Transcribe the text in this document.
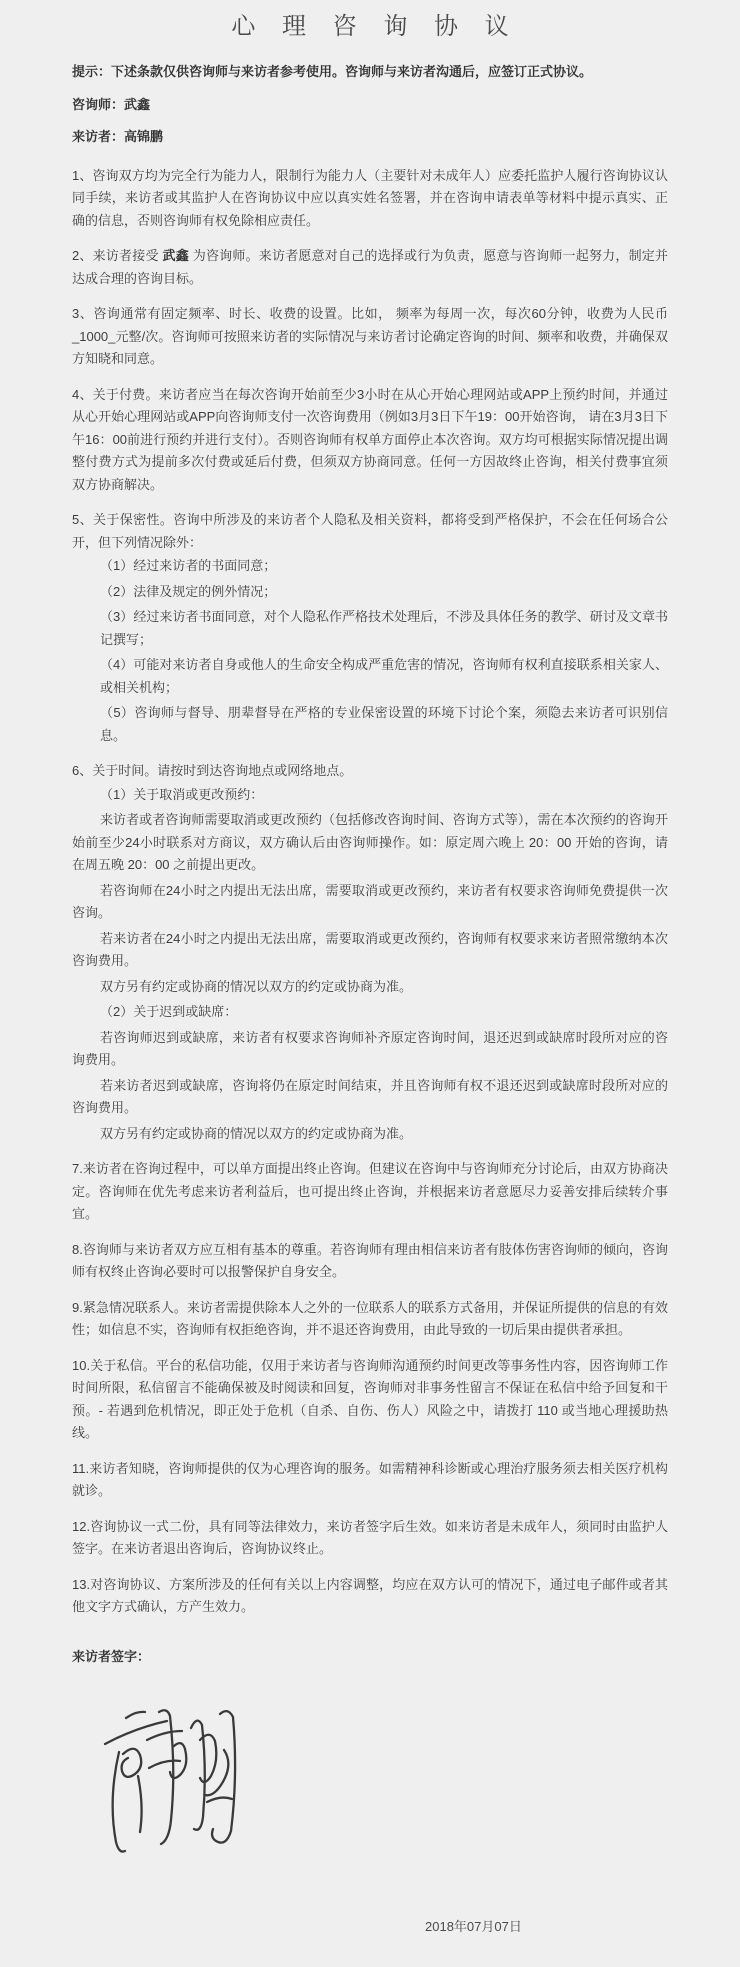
心 理 咨 询 协 议

提示：下述条款仅供咨询师与来访者参考使用。咨询师与来访者沟通后，应签订正式协议。

咨询师：武鑫

来访者：高锦鹏

1、咨询双方均为完全行为能力人，限制行为能力人（主要针对未成年人）应委托监护人履行咨询协议认同手续，来访者或其监护人在咨询协议中应以真实姓名签署，并在咨询申请表单等材料中提示真实、正确的信息，否则咨询师有权免除相应责任。

2、来访者接受 武鑫 为咨询师。来访者愿意对自己的选择或行为负责，愿意与咨询师一起努力，制定并达成合理的咨询目标。

3、咨询通常有固定频率、时长、收费的设置。比如， 频率为每周一次，每次60分钟，收费为人民币_1000_元整/次。咨询师可按照来访者的实际情况与来访者讨论确定咨询的时间、频率和收费，并确保双方知晓和同意。

4、关于付费。来访者应当在每次咨询开始前至少3小时在从心开始心理网站或APP上预约时间，并通过从心开始心理网站或APP向咨询师支付一次咨询费用（例如3月3日下午19：00开始咨询， 请在3月3日下午16：00前进行预约并进行支付）。否则咨询师有权单方面停止本次咨询。双方均可根据实际情况提出调整付费方式为提前多次付费或延后付费，但须双方协商同意。任何一方因故终止咨询，相关付费事宜须双方协商解决。

5、关于保密性。咨询中所涉及的来访者个人隐私及相关资料，都将受到严格保护，不会在任何场合公开，但下列情况除外：

（1）经过来访者的书面同意；

（2）法律及规定的例外情况；

（3）经过来访者书面同意，对个人隐私作严格技术处理后，不涉及具体任务的教学、研讨及文章书记撰写；

（4）可能对来访者自身或他人的生命安全构成严重危害的情况，咨询师有权利直接联系相关家人、或相关机构；

（5）咨询师与督导、朋辈督导在严格的专业保密设置的环境下讨论个案，须隐去来访者可识别信息。

6、关于时间。请按时到达咨询地点或网络地点。

（1）关于取消或更改预约：

来访者或者咨询师需要取消或更改预约（包括修改咨询时间、咨询方式等），需在本次预约的咨询开始前至少24小时联系对方商议，双方确认后由咨询师操作。如：原定周六晚上 20：00 开始的咨询，请在周五晚 20：00 之前提出更改。

若咨询师在24小时之内提出无法出席，需要取消或更改预约，来访者有权要求咨询师免费提供一次咨询。

若来访者在24小时之内提出无法出席，需要取消或更改预约，咨询师有权要求来访者照常缴纳本次咨询费用。

双方另有约定或协商的情况以双方的约定或协商为准。

（2）关于迟到或缺席：

若咨询师迟到或缺席，来访者有权要求咨询师补齐原定咨询时间，退还迟到或缺席时段所对应的咨询费用。

若来访者迟到或缺席，咨询将仍在原定时间结束，并且咨询师有权不退还迟到或缺席时段所对应的咨询费用。

双方另有约定或协商的情况以双方的约定或协商为准。

7.来访者在咨询过程中，可以单方面提出终止咨询。但建议在咨询中与咨询师充分讨论后，由双方协商决定。咨询师在优先考虑来访者利益后，也可提出终止咨询，并根据来访者意愿尽力妥善安排后续转介事宜。

8.咨询师与来访者双方应互相有基本的尊重。若咨询师有理由相信来访者有肢体伤害咨询师的倾向，咨询师有权终止咨询必要时可以报警保护自身安全。

9.紧急情况联系人。来访者需提供除本人之外的一位联系人的联系方式备用，并保证所提供的信息的有效性；如信息不实，咨询师有权拒绝咨询，并不退还咨询费用，由此导致的一切后果由提供者承担。

10.关于私信。平台的私信功能，仅用于来访者与咨询师沟通预约时间更改等事务性内容，因咨询师工作时间所限，私信留言不能确保被及时阅读和回复，咨询师对非事务性留言不保证在私信中给予回复和干预。- 若遇到危机情况，即正处于危机（自杀、自伤、伤人）风险之中，请拨打 110 或当地心理援助热线。

11.来访者知晓，咨询师提供的仅为心理咨询的服务。如需精神科诊断或心理治疗服务须去相关医疗机构就诊。

12.咨询协议一式二份，具有同等法律效力，来访者签字后生效。如来访者是未成年人，须同时由监护人签字。在来访者退出咨询后，咨询协议终止。

13.对咨询协议、方案所涉及的任何有关以上内容调整，均应在双方认可的情况下，通过电子邮件或者其他文字方式确认，方产生效力。

来访者签字：

2018年07月07日
